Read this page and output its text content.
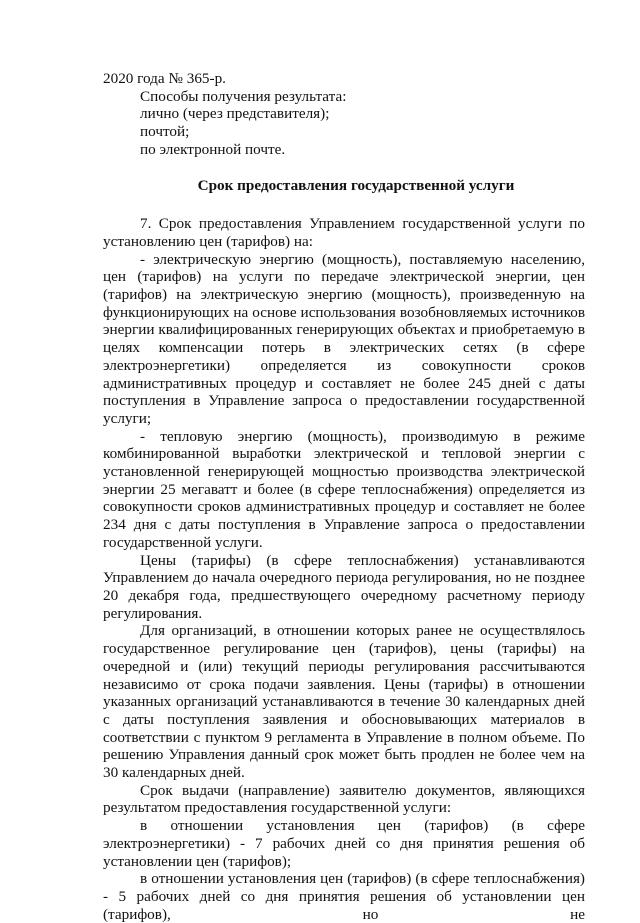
2020 года № 365-р.

Способы получения результата:

лично (через представителя);

почтой;

по электронной почте.

Срок предоставления государственной услуги

7. Срок предоставления Управлением государственной услуги по установлению цен (тарифов) на:

- электрическую энергию (мощность), поставляемую населению, цен (тарифов) на услуги по передаче электрической энергии, цен (тарифов) на электрическую энергию (мощность), произведенную на функционирующих на основе использования возобновляемых источников энергии квалифицированных генерирующих объектах и приобретаемую в целях компенсации потерь в электрических сетях (в сфере электроэнергетики) определяется из совокупности сроков административных процедур и составляет не более 245 дней с даты поступления в Управление запроса о предоставлении государственной услуги;

- тепловую энергию (мощность), производимую в режиме комбинированной выработки электрической и тепловой энергии с установленной генерирующей мощностью производства электрической энергии 25 мегаватт и более (в сфере теплоснабжения) определяется из совокупности сроков административных процедур и составляет не более 234 дня с даты поступления в Управление запроса о предоставлении государственной услуги.

Цены (тарифы) (в сфере теплоснабжения) устанавливаются Управлением до начала очередного периода регулирования, но не позднее 20 декабря года, предшествующего очередному расчетному периоду регулирования.

Для организаций, в отношении которых ранее не осуществлялось государственное регулирование цен (тарифов), цены (тарифы) на очередной и (или) текущий периоды регулирования рассчитываются независимо от срока подачи заявления. Цены (тарифы) в отношении указанных организаций устанавливаются в течение 30 календарных дней с даты поступления заявления и обосновывающих материалов в соответствии с пунктом 9 регламента в Управление в полном объеме. По решению Управления данный срок может быть продлен не более чем на 30 календарных дней.

Срок выдачи (направление) заявителю документов, являющихся результатом предоставления государственной услуги:

в отношении установления цен (тарифов) (в сфере электроэнергетики) - 7 рабочих дней со дня принятия решения об установлении цен (тарифов);

в отношении установления цен (тарифов) (в сфере теплоснабжения) - 5 рабочих дней со дня принятия решения об установлении цен (тарифов), но не
